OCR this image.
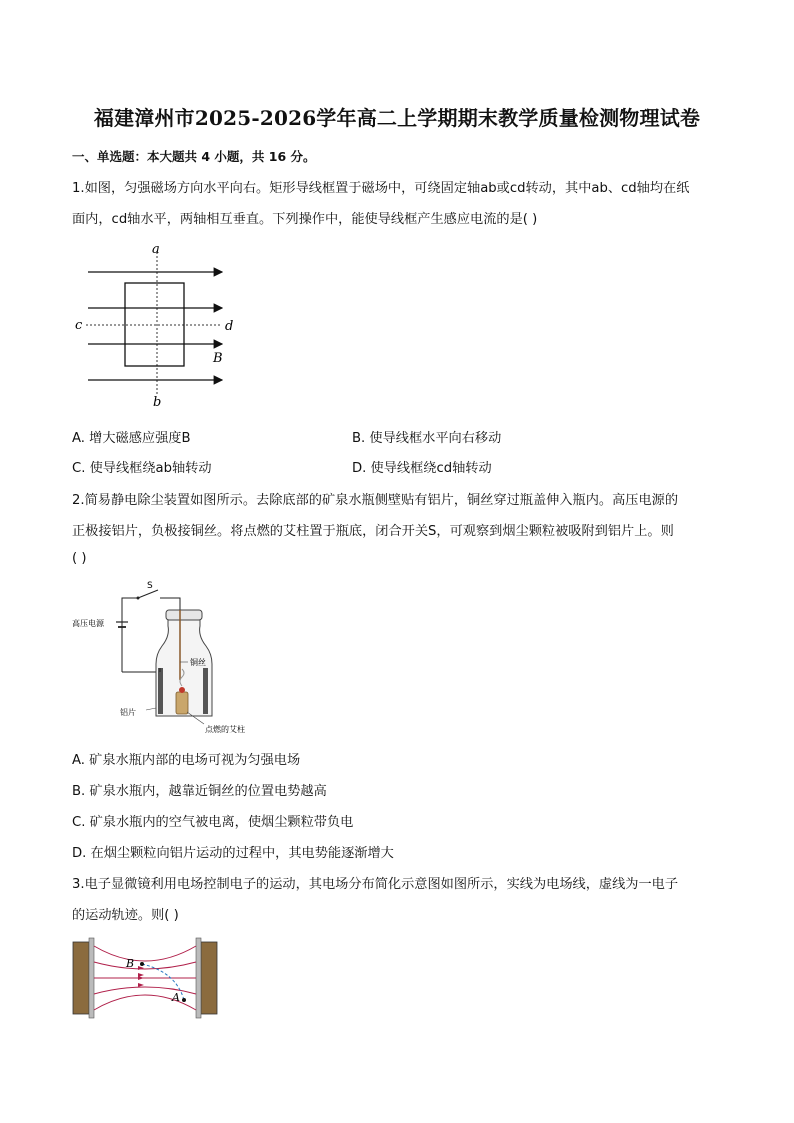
福建漳州市2025-2026学年高二上学期期末教学质量检测物理试卷
一、单选题：本大题共 4 小题，共 16 分。
1.如图，匀强磁场方向水平向右。矩形导线框置于磁场中，可绕固定轴ab或cd转动，其中ab、cd轴均在纸
面内，cd轴水平，两轴相互垂直。下列操作中，能使导线框产生感应电流的是( )
a
b
c	d
B
A. 增大磁感应强度B	B. 使导线框水平向右移动
C. 使导线框绕ab轴转动	D. 使导线框绕cd轴转动
2.简易静电除尘装置如图所示。去除底部的矿泉水瓶侧壁贴有铝片，铜丝穿过瓶盖伸入瓶内。高压电源的
正极接铝片，负极接铜丝。将点燃的艾柱置于瓶底，闭合开关S，可观察到烟尘颗粒被吸附到铝片上。则
( )
S
高压电源
铜丝
铝片
点燃的艾柱
A. 矿泉水瓶内部的电场可视为匀强电场
B. 矿泉水瓶内，越靠近铜丝的位置电势越高
C. 矿泉水瓶内的空气被电离，使烟尘颗粒带负电
D. 在烟尘颗粒向铝片运动的过程中，其电势能逐渐增大
3.电子显微镜利用电场控制电子的运动，其电场分布简化示意图如图所示，实线为电场线，虚线为一电子
的运动轨迹。则( )
B
A
